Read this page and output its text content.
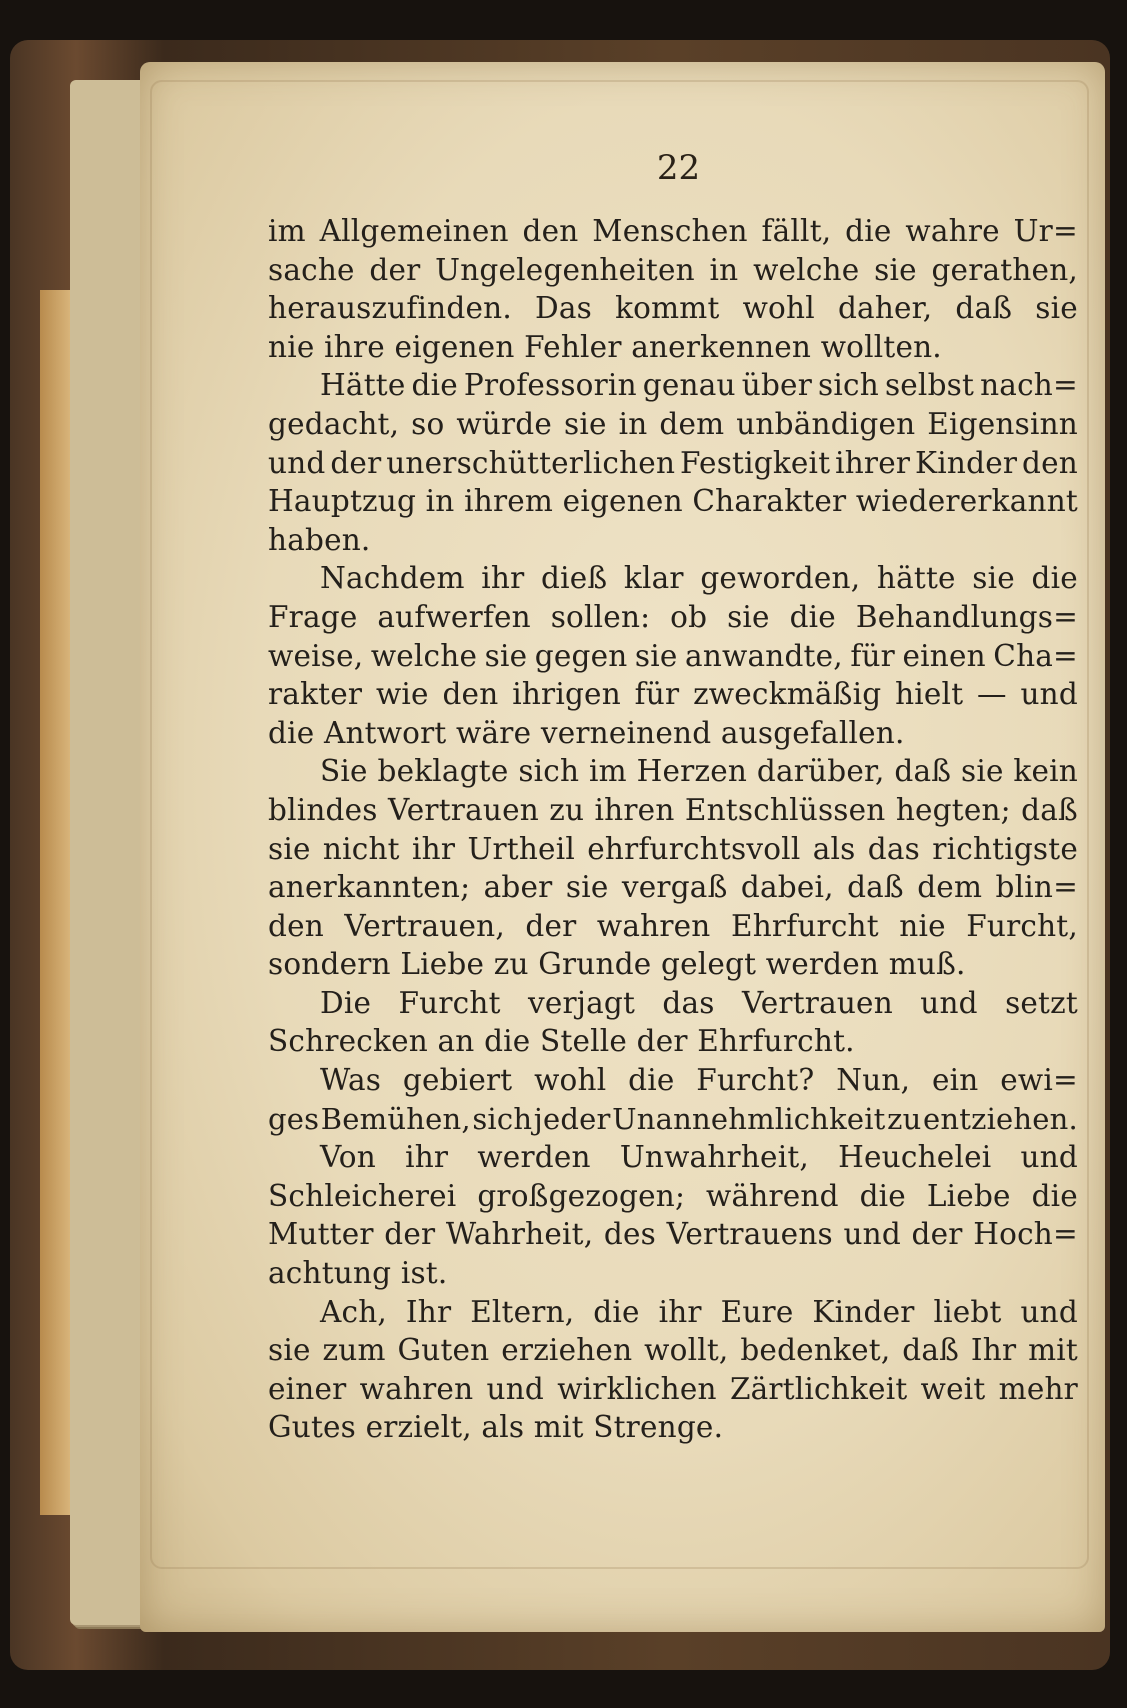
22
im Allgemeinen den Menschen fällt, die wahre Ur=
sache der Ungelegenheiten in welche sie gerathen,
herauszufinden. Das kommt wohl daher, daß sie
nie ihre eigenen Fehler anerkennen wollten.
Hätte die Professorin genau über sich selbst nach=
gedacht, so würde sie in dem unbändigen Eigensinn
und der unerschütterlichen Festigkeit ihrer Kinder den
Hauptzug in ihrem eigenen Charakter wiedererkannt
haben.
Nachdem ihr dieß klar geworden, hätte sie die
Frage aufwerfen sollen: ob sie die Behandlungs=
weise, welche sie gegen sie anwandte, für einen Cha=
rakter wie den ihrigen für zweckmäßig hielt — und
die Antwort wäre verneinend ausgefallen.
Sie beklagte sich im Herzen darüber, daß sie kein
blindes Vertrauen zu ihren Entschlüssen hegten; daß
sie nicht ihr Urtheil ehrfurchtsvoll als das richtigste
anerkannten; aber sie vergaß dabei, daß dem blin=
den Vertrauen, der wahren Ehrfurcht nie Furcht,
sondern Liebe zu Grunde gelegt werden muß.
Die Furcht verjagt das Vertrauen und setzt
Schrecken an die Stelle der Ehrfurcht.
Was gebiert wohl die Furcht? Nun, ein ewi=
ges Bemühen, sich jeder Unannehmlichkeit zu entziehen.
Von ihr werden Unwahrheit, Heuchelei und
Schleicherei großgezogen; während die Liebe die
Mutter der Wahrheit, des Vertrauens und der Hoch=
achtung ist.
Ach, Ihr Eltern, die ihr Eure Kinder liebt und
sie zum Guten erziehen wollt, bedenket, daß Ihr mit
einer wahren und wirklichen Zärtlichkeit weit mehr
Gutes erzielt, als mit Strenge.
